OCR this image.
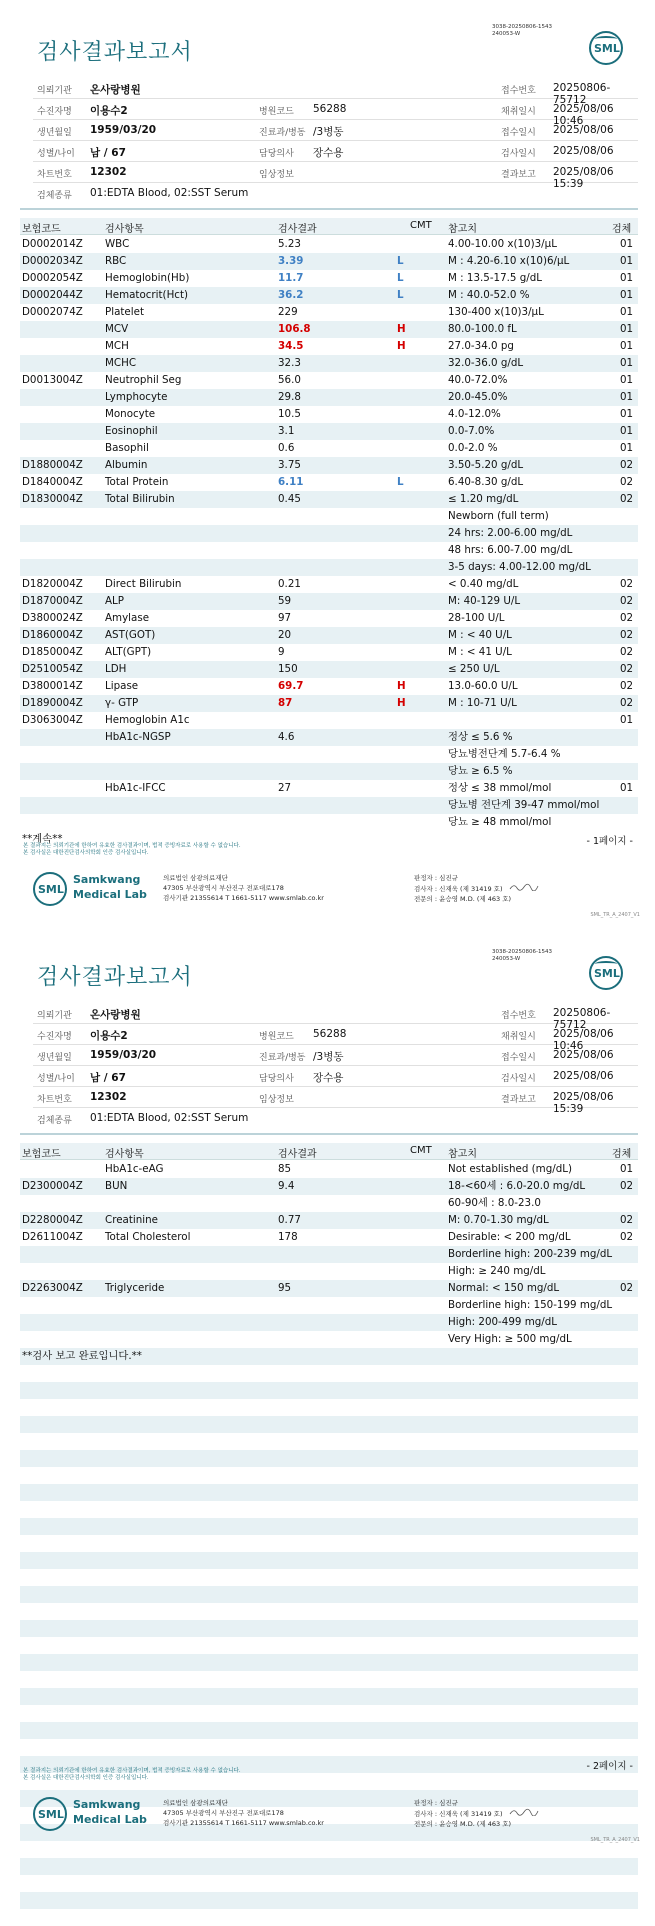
검사결과보고서
3038-20250806-1543
240053-W
SML
의뢰기관 온사랑병원	접수번호 20250806-75712
수진자명 이용수2	병원코드 56288	채취일시 2025/08/06 10:46
생년월일 1959/03/20	진료과/병동 /3병동	접수일시 2025/08/06
성별/나이 남 / 67	담당의사 장수용	검사일시 2025/08/06
차트번호 12302	임상정보	결과보고 2025/08/06 15:39
검체종류 01:EDTA Blood, 02:SST Serum
보험코드	검사항목	검사결과	CMT 참고치	검체
D0002014Z WBC	5.23	4.00-10.00 x(10)3/μL	01
D0002034Z RBC	3.39	L	M : 4.20-6.10 x(10)6/μL	01
D0002054Z Hemoglobin(Hb)	11.7	L	M : 13.5-17.5 g/dL	01
D0002044Z Hematocrit(Hct)	36.2	L	M : 40.0-52.0 %	01
D0002074Z Platelet	229	130-400 x(10)3/μL	01
MCV	106.8	H	80.0-100.0 fL	01
MCH	34.5	H	27.0-34.0 pg	01
MCHC	32.3	32.0-36.0 g/dL	01
D0013004Z Neutrophil Seg	56.0	40.0-72.0%	01
Lymphocyte	29.8	20.0-45.0%	01
Monocyte	10.5	4.0-12.0%	01
Eosinophil	3.1	0.0-7.0%	01
Basophil	0.6	0.0-2.0 %	01
D1880004Z Albumin	3.75	3.50-5.20 g/dL	02
D1840004Z Total Protein	6.11	L	6.40-8.30 g/dL	02
D1830004Z Total Bilirubin	0.45	≤ 1.20 mg/dL	02
Newborn (full term)
24 hrs: 2.00-6.00 mg/dL
48 hrs: 6.00-7.00 mg/dL
3-5 days: 4.00-12.00 mg/dL
D1820004Z Direct Bilirubin	0.21	< 0.40 mg/dL	02
D1870004Z ALP	59	M: 40-129 U/L	02
D3800024Z Amylase	97	28-100 U/L	02
D1860004Z AST(GOT)	20	M : < 40 U/L	02
D1850004Z ALT(GPT)	9	M : < 41 U/L	02
D2510054Z LDH	150	≤ 250 U/L	02
D3800014Z Lipase	69.7	H	13.0-60.0 U/L	02
D1890004Z γ- GTP	87	H	M : 10-71 U/L	02
D3063004Z Hemoglobin A1c	01
HbA1c-NGSP	4.6	정상 ≤ 5.6 %
당뇨병전단계 5.7-6.4 %
당뇨 ≥ 6.5 %
HbA1c-IFCC	27	정상 ≤ 38 mmol/mol	01
당뇨병 전단계 39-47 mmol/mol
당뇨 ≥ 48 mmol/mol
**계속**	- 1페이지 -
본 결과지는 의뢰기관에 한하여 유효한 검사결과이며, 법적 증빙자료로 사용할 수 없습니다.
본 검사실은 대한진단검사의학회 인증 검사실입니다.
SML
Samkwang
Medical Lab
의료법인 삼광의료재단
47305 부산광역시 부산진구 전포대로178
검사기관 21355614 T 1661-5117 www.smlab.co.kr
판정자 : 심진규
검사자 : 신재욱 (제 31419 호)
전문의 : 윤승영 M.D. (제 463 호)
SML_TR_A_2407_V1
검사결과보고서
3038-20250806-1543
240053-W
SML
의뢰기관 온사랑병원	접수번호 20250806-75712
수진자명 이용수2	병원코드 56288	채취일시 2025/08/06 10:46
생년월일 1959/03/20	진료과/병동 /3병동	접수일시 2025/08/06
성별/나이 남 / 67	담당의사 장수용	검사일시 2025/08/06
차트번호 12302	임상정보	결과보고 2025/08/06 15:39
검체종류 01:EDTA Blood, 02:SST Serum
보험코드	검사항목	검사결과	CMT 참고치	검체
HbA1c-eAG	85	Not established (mg/dL)	01
D2300004Z BUN	9.4	18-<60세 : 6.0-20.0 mg/dL	02
60-90세 : 8.0-23.0
D2280004Z Creatinine	0.77	M: 0.70-1.30 mg/dL	02
D2611004Z Total Cholesterol	178	Desirable: < 200 mg/dL	02
Borderline high: 200-239 mg/dL
High: ≥ 240 mg/dL
D2263004Z Triglyceride	95	Normal: < 150 mg/dL	02
Borderline high: 150-199 mg/dL
High: 200-499 mg/dL
Very High: ≥ 500 mg/dL
**검사 보고 완료입니다.**
- 2페이지 -
본 결과지는 의뢰기관에 한하여 유효한 검사결과이며, 법적 증빙자료로 사용할 수 없습니다.
본 검사실은 대한진단검사의학회 인증 검사실입니다.
SML
Samkwang
Medical Lab
의료법인 삼광의료재단
47305 부산광역시 부산진구 전포대로178
검사기관 21355614 T 1661-5117 www.smlab.co.kr
판정자 : 심진규
검사자 : 신재욱 (제 31419 호)
전문의 : 윤승영 M.D. (제 463 호)
SML_TR_A_2407_V1
